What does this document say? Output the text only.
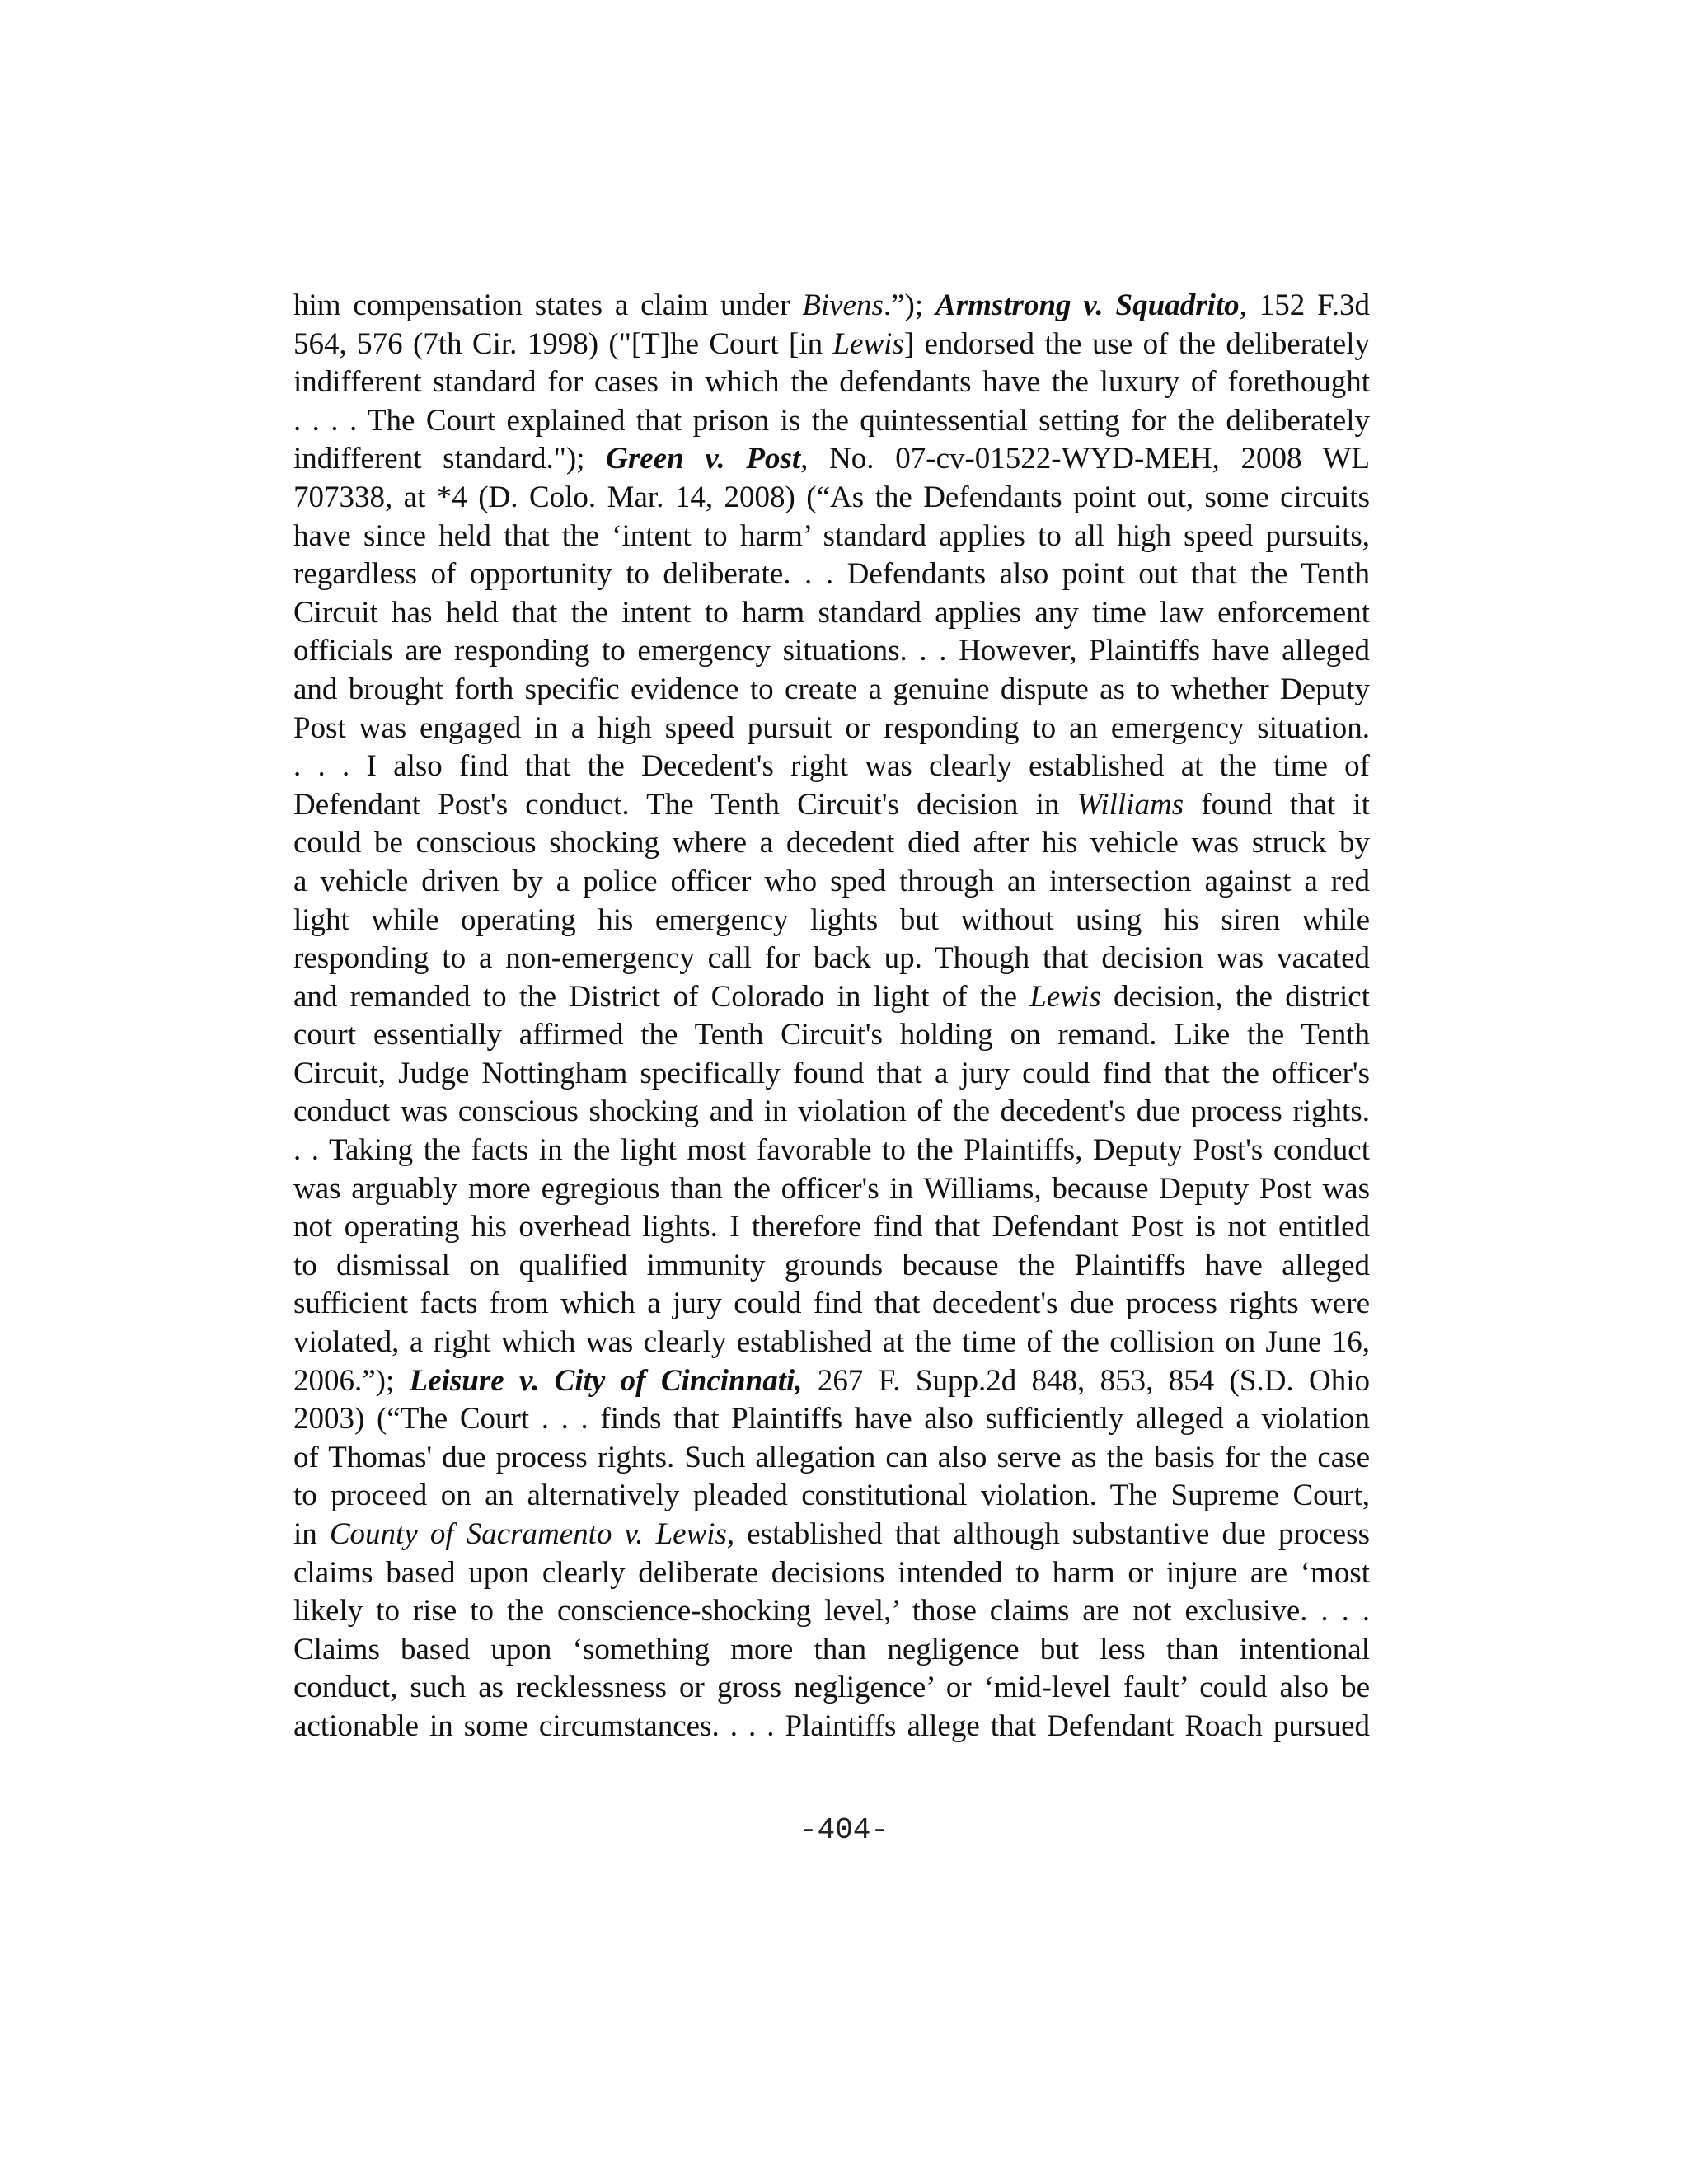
him compensation states a claim under Bivens.”); Armstrong v. Squadrito, 152 F.3d
564, 576 (7th Cir. 1998) ("[T]he Court [in Lewis] endorsed the use of the deliberately
indifferent standard for cases in which the defendants have the luxury of forethought
. . . . The Court explained that prison is the quintessential setting for the deliberately
indifferent standard."); Green v. Post, No. 07-cv-01522-WYD-MEH, 2008 WL
707338, at *4 (D. Colo. Mar. 14, 2008) (“As the Defendants point out, some circuits
have since held that the ‘intent to harm’ standard applies to all high speed pursuits,
regardless of opportunity to deliberate. . . Defendants also point out that the Tenth
Circuit has held that the intent to harm standard applies any time law enforcement
officials are responding to emergency situations. . . However, Plaintiffs have alleged
and brought forth specific evidence to create a genuine dispute as to whether Deputy
Post was engaged in a high speed pursuit or responding to an emergency situation.
. . . I also find that the Decedent's right was clearly established at the time of
Defendant Post's conduct. The Tenth Circuit's decision in Williams found that it
could be conscious shocking where a decedent died after his vehicle was struck by
a vehicle driven by a police officer who sped through an intersection against a red
light while operating his emergency lights but without using his siren while
responding to a non-emergency call for back up. Though that decision was vacated
and remanded to the District of Colorado in light of the Lewis decision, the district
court essentially affirmed the Tenth Circuit's holding on remand. Like the Tenth
Circuit, Judge Nottingham specifically found that a jury could find that the officer's
conduct was conscious shocking and in violation of the decedent's due process rights.
. . Taking the facts in the light most favorable to the Plaintiffs, Deputy Post's conduct
was arguably more egregious than the officer's in Williams, because Deputy Post was
not operating his overhead lights. I therefore find that Defendant Post is not entitled
to dismissal on qualified immunity grounds because the Plaintiffs have alleged
sufficient facts from which a jury could find that decedent's due process rights were
violated, a right which was clearly established at the time of the collision on June 16,
2006.”); Leisure v. City of Cincinnati, 267 F. Supp.2d 848, 853, 854 (S.D. Ohio
2003) (“The Court . . . finds that Plaintiffs have also sufficiently alleged a violation
of Thomas' due process rights. Such allegation can also serve as the basis for the case
to proceed on an alternatively pleaded constitutional violation. The Supreme Court,
in County of Sacramento v. Lewis, established that although substantive due process
claims based upon clearly deliberate decisions intended to harm or injure are ‘most
likely to rise to the conscience-shocking level,’ those claims are not exclusive. . . .
Claims based upon ‘something more than negligence but less than intentional
conduct, such as recklessness or gross negligence’ or ‘mid-level fault’ could also be
actionable in some circumstances. . . . Plaintiffs allege that Defendant Roach pursued
-404-
